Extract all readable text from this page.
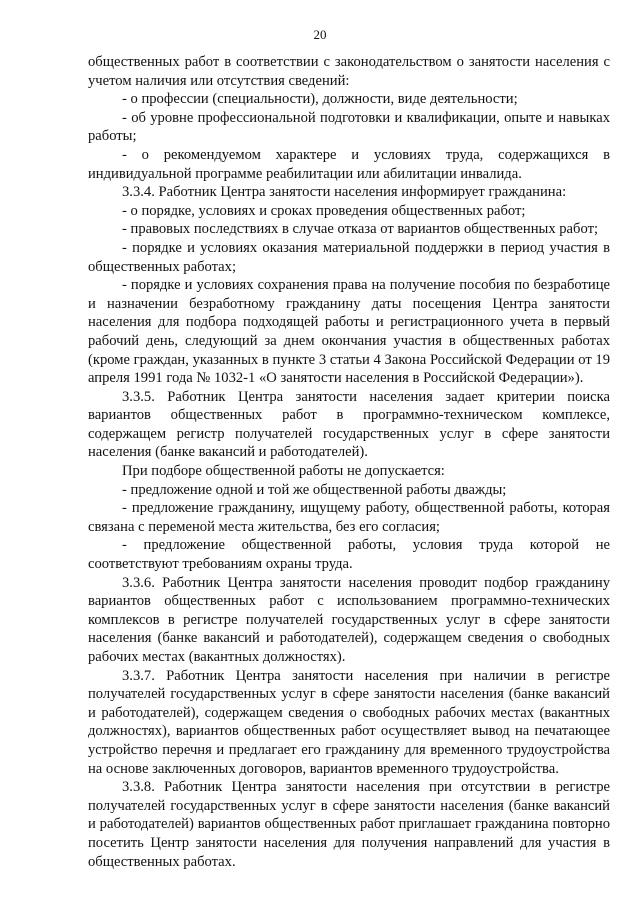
20

общественных работ в соответствии с законодательством о занятости населения с учетом наличия или отсутствия сведений:

- о профессии (специальности), должности, виде деятельности;

- об уровне профессиональной подготовки и квалификации, опыте и навыках работы;

- о рекомендуемом характере и условиях труда, содержащихся в индивидуальной программе реабилитации или абилитации инвалида.

3.3.4. Работник Центра занятости населения информирует гражданина:

- о порядке, условиях и сроках проведения общественных работ;

- правовых последствиях в случае отказа от вариантов общественных работ;

- порядке и условиях оказания материальной поддержки в период участия в общественных работах;

- порядке и условиях сохранения права на получение пособия по безработице и назначении безработному гражданину даты посещения Центра занятости населения для подбора подходящей работы и регистрационного учета в первый рабочий день, следующий за днем окончания участия в общественных работах (кроме граждан, указанных в пункте 3 статьи 4 Закона Российской Федерации от 19 апреля 1991 года № 1032-1 «О занятости населения в Российской Федерации»).

3.3.5. Работник Центра занятости населения задает критерии поиска вариантов общественных работ в программно-техническом комплексе, содержащем регистр получателей государственных услуг в сфере занятости населения (банке вакансий и работодателей).

При подборе общественной работы не допускается:

- предложение одной и той же общественной работы дважды;

- предложение гражданину, ищущему работу, общественной работы, которая связана с переменой места жительства, без его согласия;

- предложение общественной работы, условия труда которой не соответствуют требованиям охраны труда.

3.3.6. Работник Центра занятости населения проводит подбор гражданину вариантов общественных работ с использованием программно-технических комплексов в регистре получателей государственных услуг в сфере занятости населения (банке вакансий и работодателей), содержащем сведения о свободных рабочих местах (вакантных должностях).

3.3.7. Работник Центра занятости населения при наличии в регистре получателей государственных услуг в сфере занятости населения (банке вакансий и работодателей), содержащем сведения о свободных рабочих местах (вакантных должностях), вариантов общественных работ осуществляет вывод на печатающее устройство перечня и предлагает его гражданину для временного трудоустройства на основе заключенных договоров, вариантов временного трудоустройства.

3.3.8. Работник Центра занятости населения при отсутствии в регистре получателей государственных услуг в сфере занятости населения (банке вакансий и работодателей) вариантов общественных работ приглашает гражданина повторно посетить Центр занятости населения для получения направлений для участия в общественных работах.
